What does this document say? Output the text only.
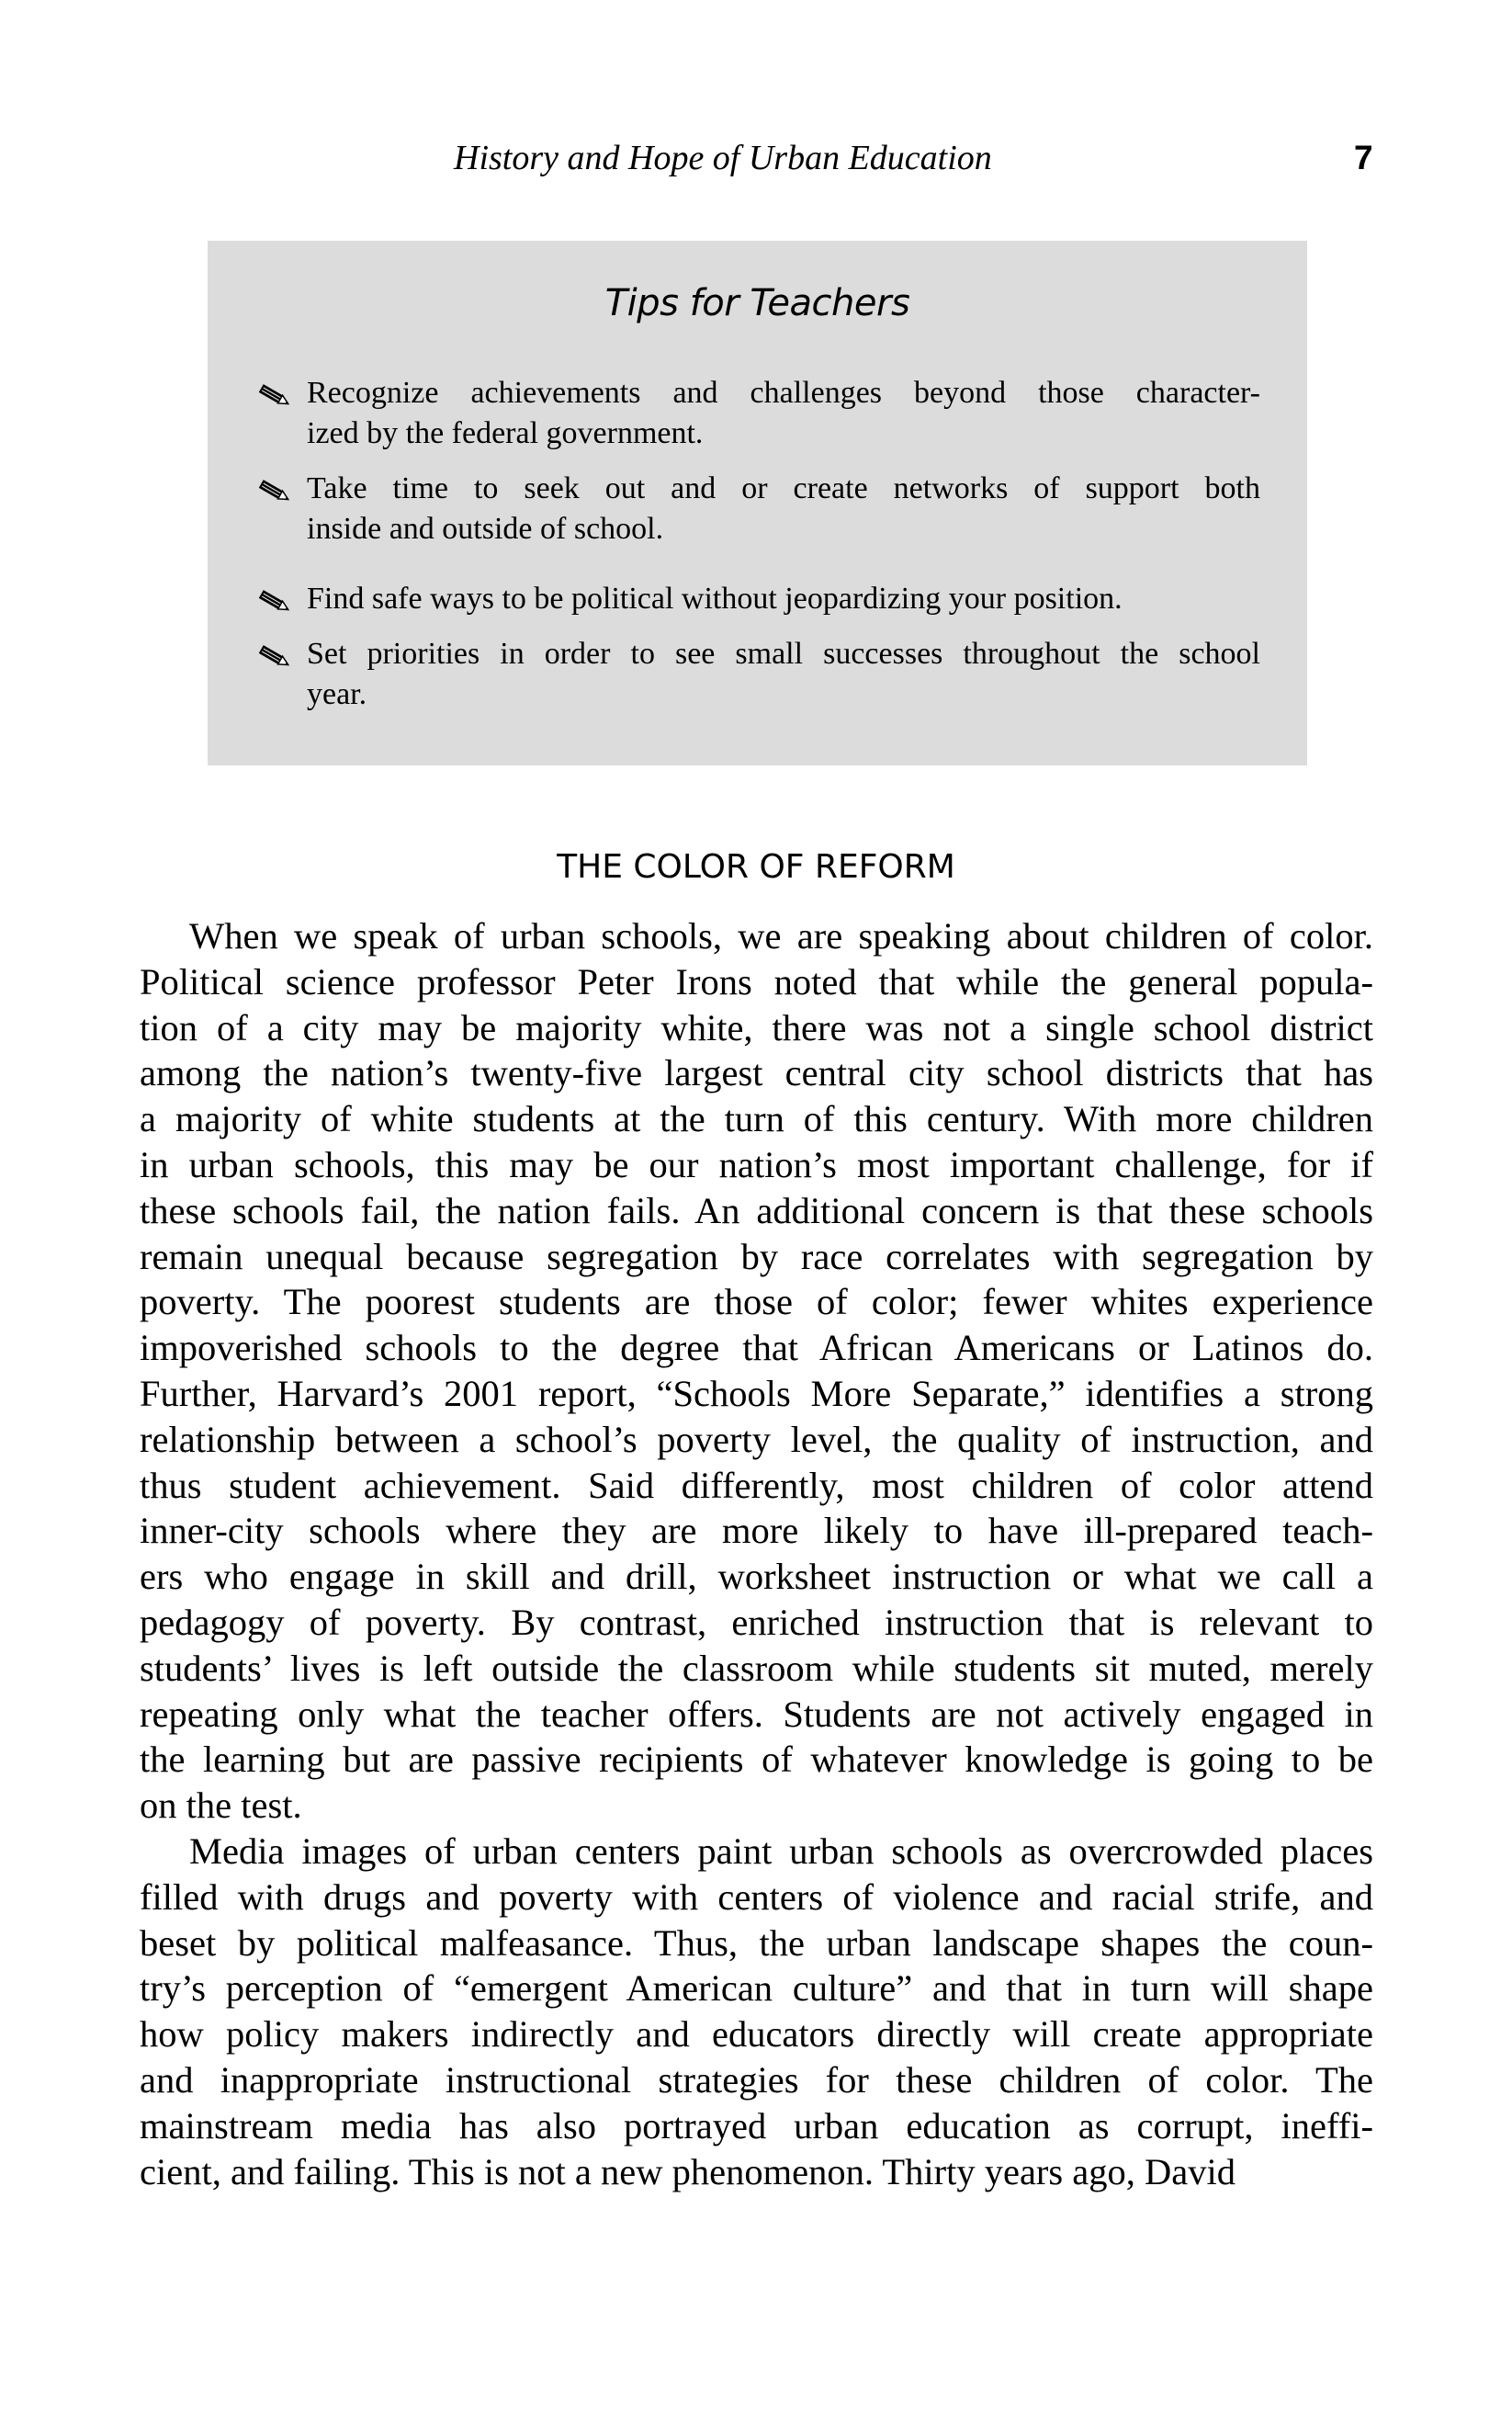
History and Hope of Urban Education	7
Tips for Teachers
Recognize achievements and challenges beyond those character-
ized by the federal government.
Take time to seek out and or create networks of support both
inside and outside of school.
Find safe ways to be political without jeopardizing your position.
Set priorities in order to see small successes throughout the school
year.
THE COLOR OF REFORM
When we speak of urban schools, we are speaking about children of color.
Political science professor Peter Irons noted that while the general popula-
tion of a city may be majority white, there was not a single school district
among the nation’s twenty-five largest central city school districts that has
a majority of white students at the turn of this century. With more children
in urban schools, this may be our nation’s most important challenge, for if
these schools fail, the nation fails. An additional concern is that these schools
remain unequal because segregation by race correlates with segregation by
poverty. The poorest students are those of color; fewer whites experience
impoverished schools to the degree that African Americans or Latinos do.
Further, Harvard’s 2001 report, “Schools More Separate,” identifies a strong
relationship between a school’s poverty level, the quality of instruction, and
thus student achievement. Said differently, most children of color attend
inner-city schools where they are more likely to have ill-prepared teach-
ers who engage in skill and drill, worksheet instruction or what we call a
pedagogy of poverty. By contrast, enriched instruction that is relevant to
students’ lives is left outside the classroom while students sit muted, merely
repeating only what the teacher offers. Students are not actively engaged in
the learning but are passive recipients of whatever knowledge is going to be
on the test.
Media images of urban centers paint urban schools as overcrowded places
filled with drugs and poverty with centers of violence and racial strife, and
beset by political malfeasance. Thus, the urban landscape shapes the coun-
try’s perception of “emergent American culture” and that in turn will shape
how policy makers indirectly and educators directly will create appropriate
and inappropriate instructional strategies for these children of color. The
mainstream media has also portrayed urban education as corrupt, ineffi-
cient, and failing. This is not a new phenomenon. Thirty years ago, David
